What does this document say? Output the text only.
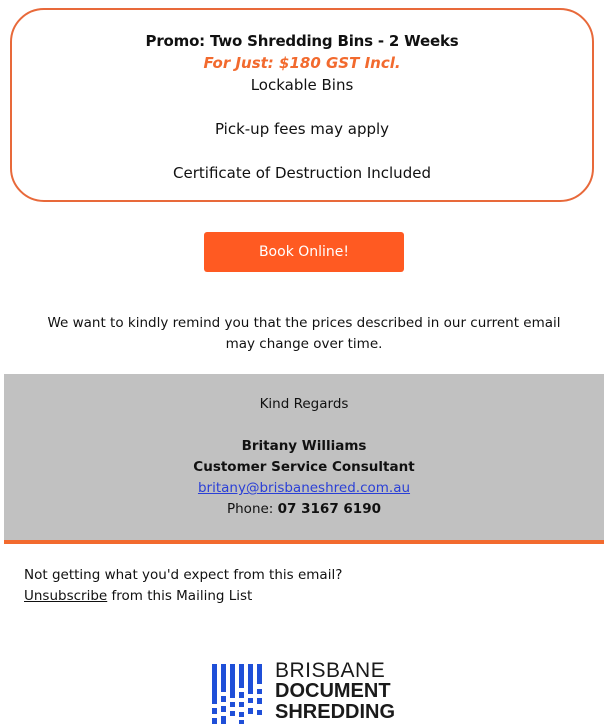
Promo: Two Shredding Bins - 2 Weeks
For Just: $180 GST Incl.
Lockable Bins
Pick-up fees may apply
Certificate of Destruction Included
Book Online!
We want to kindly remind you that the prices described in our current email may change over time.
Kind Regards
Britany Williams
Customer Service Consultant
britany@brisbaneshred.com.au
Phone: 07 3167 6190
Not getting what you'd expect from this email?
Unsubscribe from this Mailing List
BRISBANE
DOCUMENT
SHREDDING
